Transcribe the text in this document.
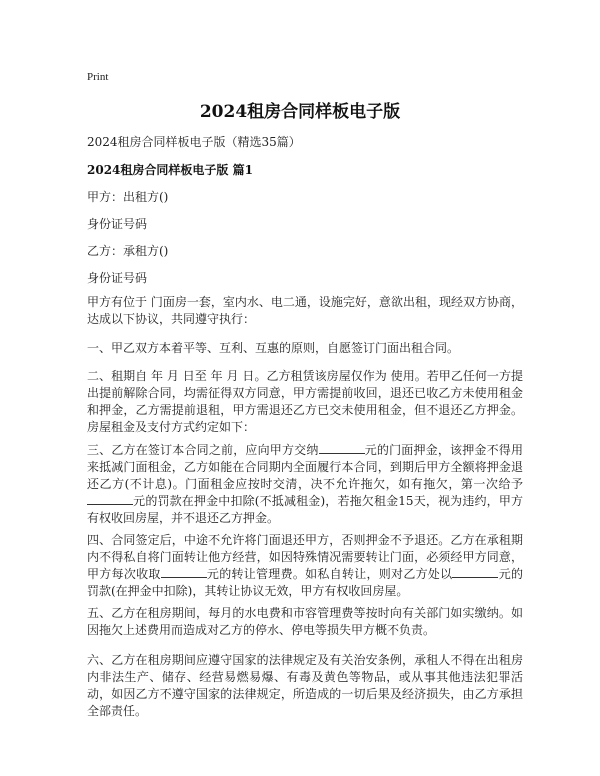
Print
2024租房合同样板电子版
2024租房合同样板电子版（精选35篇）
2024租房合同样板电子版 篇1
甲方：出租方()
身份证号码
乙方：承租方()
身份证号码

甲方有位于 门面房一套，室内水、电二通，设施完好，意欲出租，现经双方协商，达成以下协议，共同遵守执行：

一、甲乙双方本着平等、互利、互惠的原则，自愿签订门面出租合同。

二、租期自 年 月 日至 年 月 日。乙方租赁该房屋仅作为 使用。若甲乙任何一方提出提前解除合同，均需征得双方同意，甲方需提前收回，退还已收乙方未使用租金和押金，乙方需提前退租，甲方需退还乙方已交未使用租金，但不退还乙方押金。房屋租金及支付方式约定如下：

三、乙方在签订本合同之前，应向甲方交纳	元的门面押金，该押金不得用来抵减门面租金，乙方如能在合同期内全面履行本合同，到期后甲方全额将押金退还乙方(不计息)。门面租金应按时交清，决不允许拖欠，如有拖欠，第一次给予元的罚款在押金中扣除(不抵减租金)，若拖欠租金15天，视为违约，甲方有权收回房屋，并不退还乙方押金。

四、合同签定后，中途不允许将门面退还甲方，否则押金不予退还。乙方在承租期内不得私自将门面转让他方经营，如因特殊情况需要转让门面，必须经甲方同意，甲方每次收取	元的转让管理费。如私自转让，则对乙方处以	元的罚款(在押金中扣除)，其转让协议无效，甲方有权收回房屋。

五、乙方在租房期间，每月的水电费和市容管理费等按时向有关部门如实缴纳。如因拖欠上述费用而造成对乙方的停水、停电等损失甲方概不负责。

六、乙方在租房期间应遵守国家的法律规定及有关治安条例，承租人不得在出租房内非法生产、储存、经营易燃易爆、有毒及黄色等物品，或从事其他违法犯罪活动，如因乙方不遵守国家的法律规定，所造成的一切后果及经济损失，由乙方承担全部责任。
